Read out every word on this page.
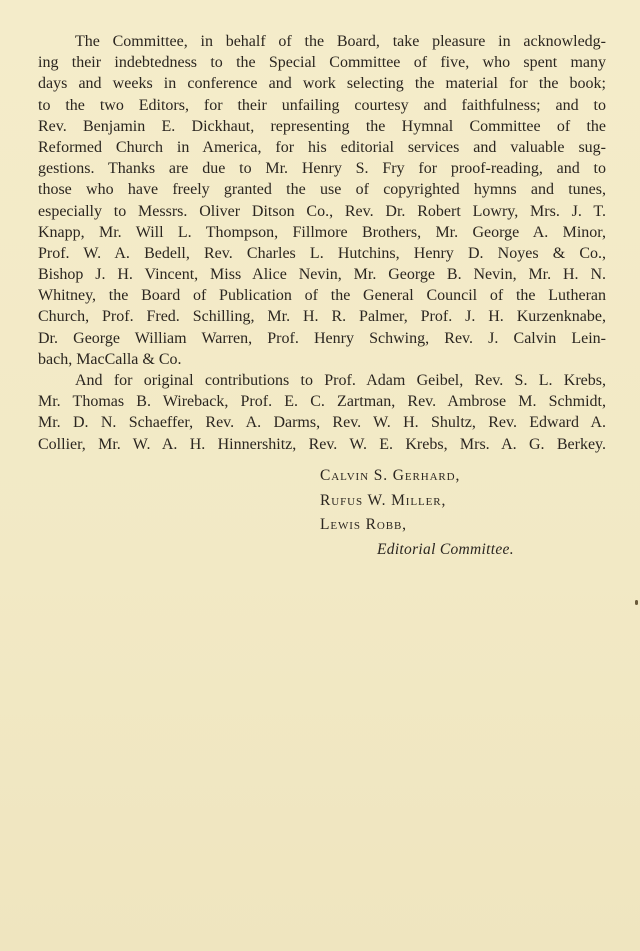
The Committee, in behalf of the Board, take pleasure in acknowledg-
ing their indebtedness to the Special Committee of five, who spent many
days and weeks in conference and work selecting the material for the book;
to the two Editors, for their unfailing courtesy and faithfulness; and to
Rev. Benjamin E. Dickhaut, representing the Hymnal Committee of the
Reformed Church in America, for his editorial services and valuable sug-
gestions. Thanks are due to Mr. Henry S. Fry for proof-reading, and to
those who have freely granted the use of copyrighted hymns and tunes,
especially to Messrs. Oliver Ditson Co., Rev. Dr. Robert Lowry, Mrs. J. T.
Knapp, Mr. Will L. Thompson, Fillmore Brothers, Mr. George A. Minor,
Prof. W. A. Bedell, Rev. Charles L. Hutchins, Henry D. Noyes & Co.,
Bishop J. H. Vincent, Miss Alice Nevin, Mr. George B. Nevin, Mr. H. N.
Whitney, the Board of Publication of the General Council of the Lutheran
Church, Prof. Fred. Schilling, Mr. H. R. Palmer, Prof. J. H. Kurzenknabe,
Dr. George William Warren, Prof. Henry Schwing, Rev. J. Calvin Lein-
bach, MacCalla & Co.
And for original contributions to Prof. Adam Geibel, Rev. S. L. Krebs,
Mr. Thomas B. Wireback, Prof. E. C. Zartman, Rev. Ambrose M. Schmidt,
Mr. D. N. Schaeffer, Rev. A. Darms, Rev. W. H. Shultz, Rev. Edward A.
Collier, Mr. W. A. H. Hinnershitz, Rev. W. E. Krebs, Mrs. A. G. Berkey.
Calvin S. Gerhard,
Rufus W. Miller,
Lewis Robb,
Editorial Committee.
